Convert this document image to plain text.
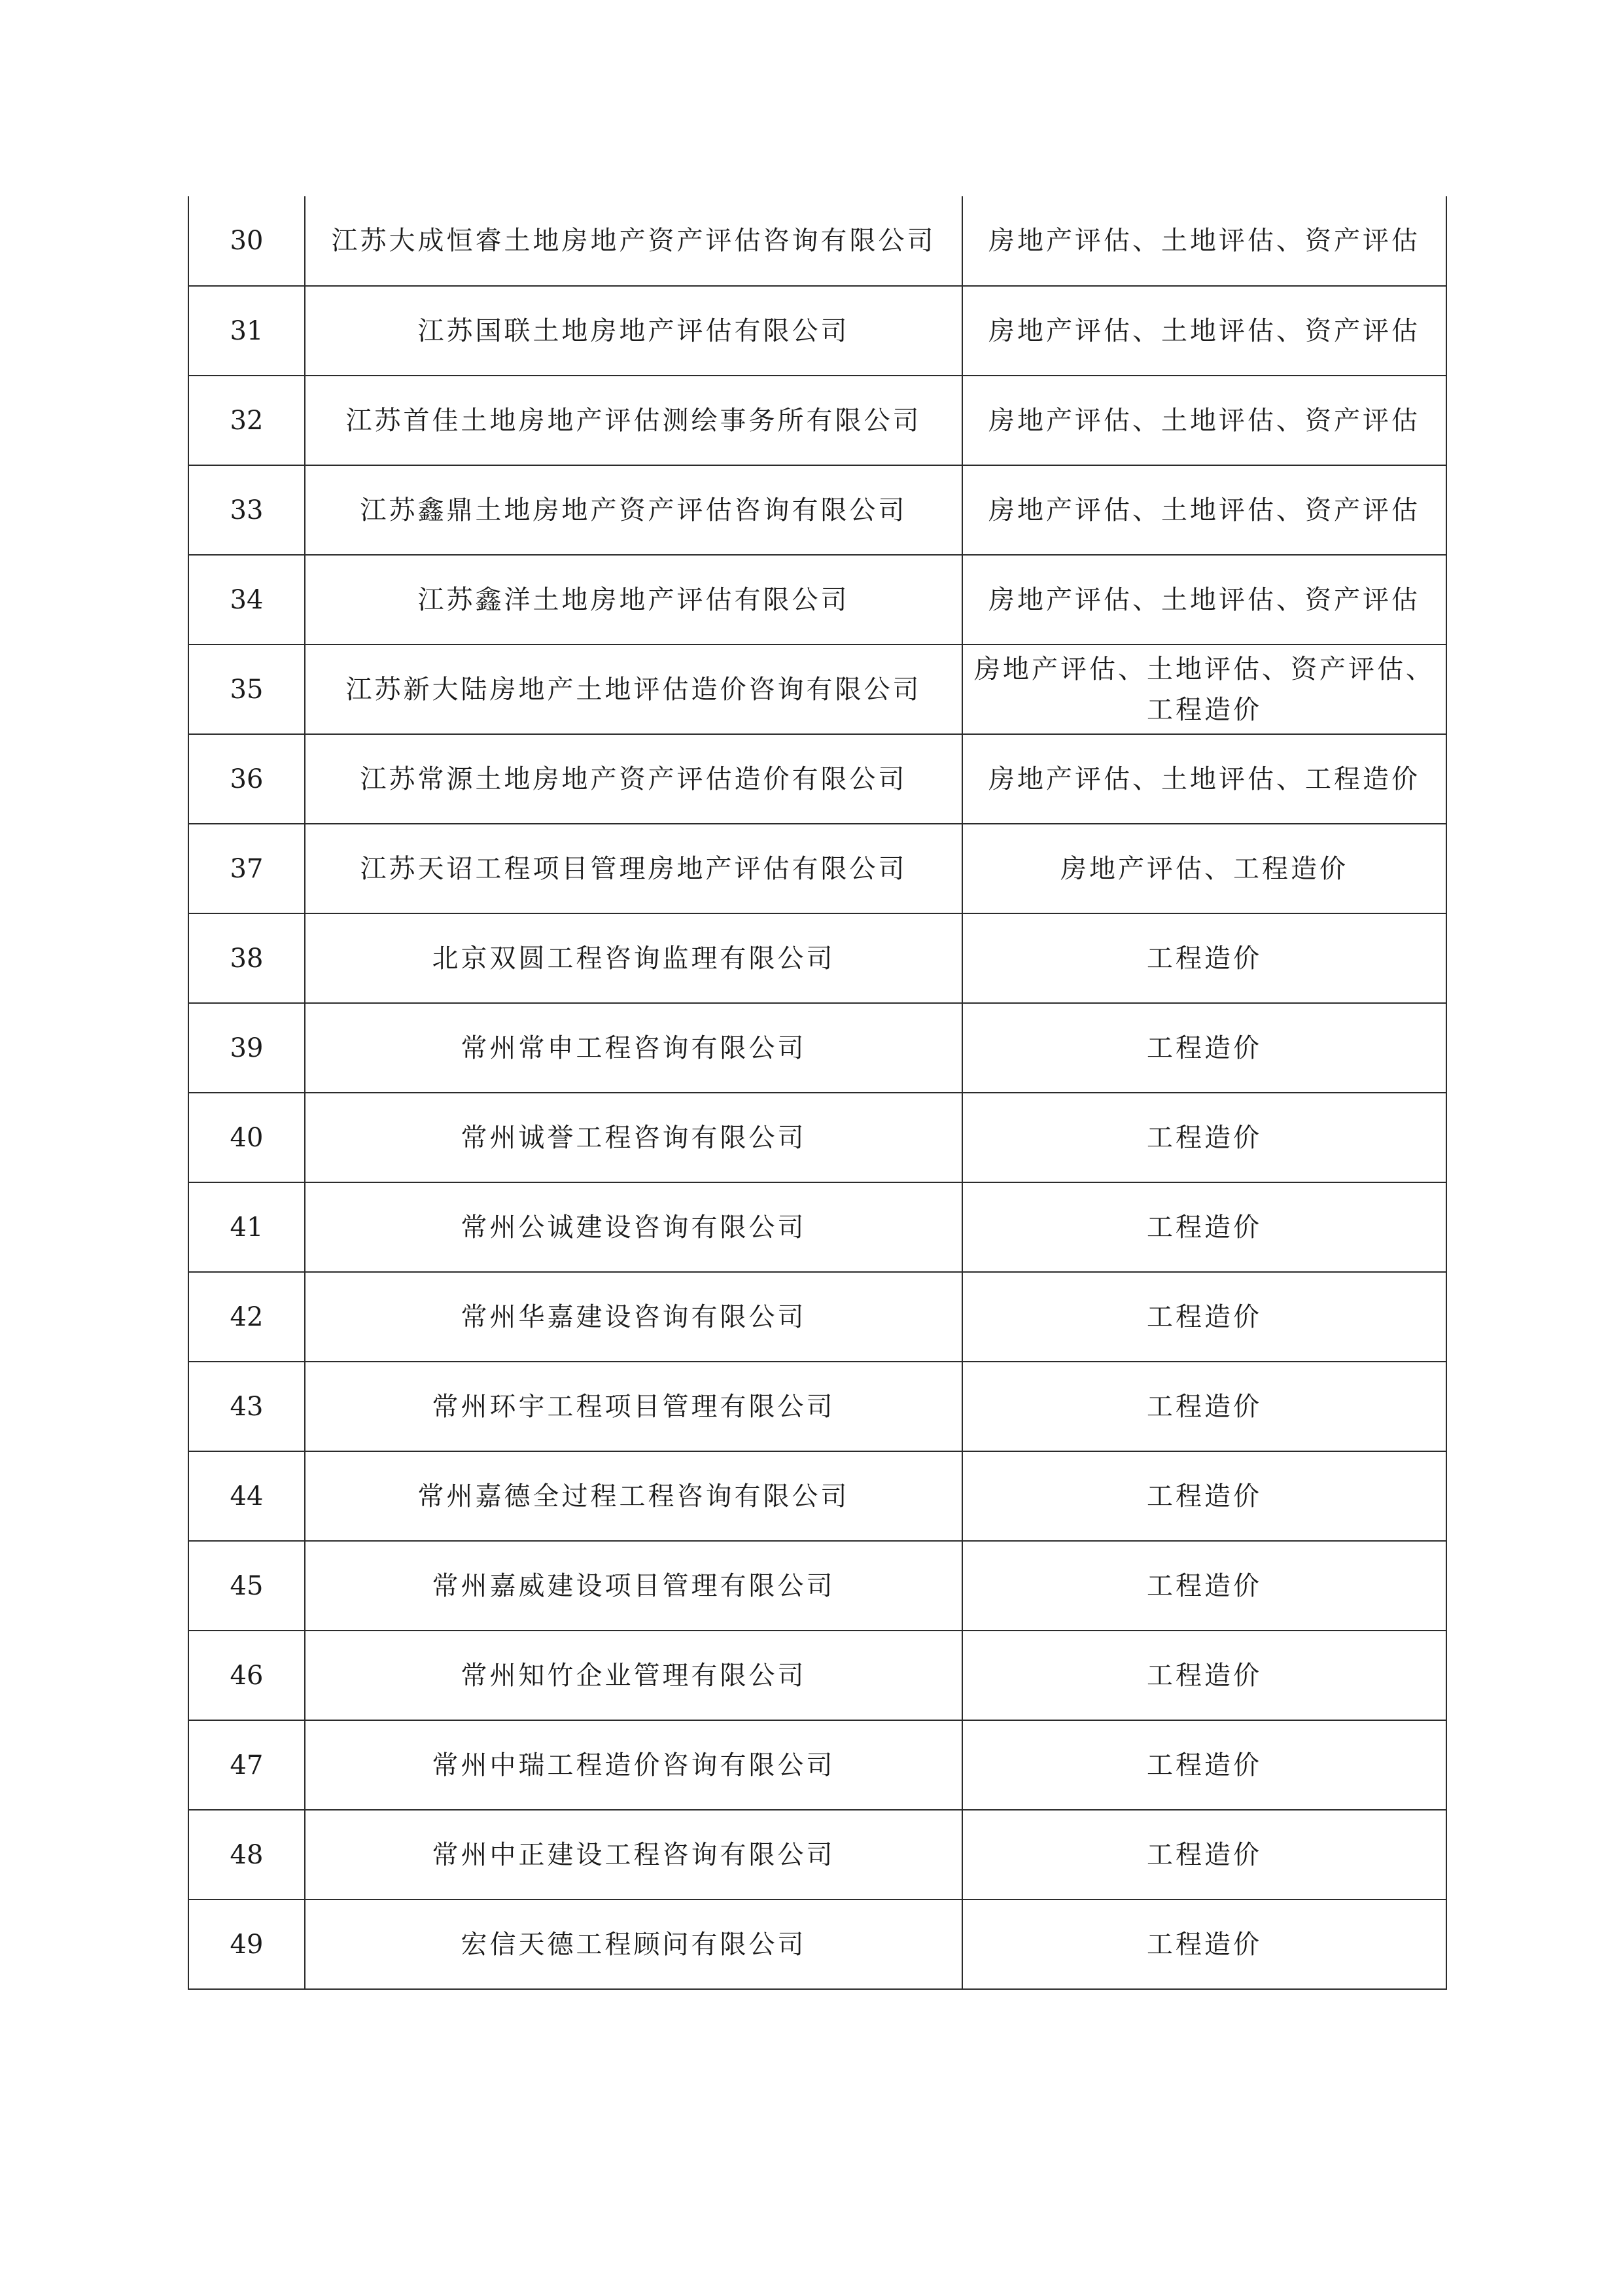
30	江苏大成恒睿土地房地产资产评估咨询有限公司	房地产评估、土地评估、资产评估
31	江苏国联土地房地产评估有限公司	房地产评估、土地评估、资产评估
32	江苏首佳土地房地产评估测绘事务所有限公司	房地产评估、土地评估、资产评估
33	江苏鑫鼎土地房地产资产评估咨询有限公司	房地产评估、土地评估、资产评估
34	江苏鑫洋土地房地产评估有限公司	房地产评估、土地评估、资产评估
35	江苏新大陆房地产土地评估造价咨询有限公司	房地产评估、土地评估、资产评估、工程造价
36	江苏常源土地房地产资产评估造价有限公司	房地产评估、土地评估、工程造价
37	江苏天诏工程项目管理房地产评估有限公司	房地产评估、工程造价
38	北京双圆工程咨询监理有限公司	工程造价
39	常州常申工程咨询有限公司	工程造价
40	常州诚誉工程咨询有限公司	工程造价
41	常州公诚建设咨询有限公司	工程造价
42	常州华嘉建设咨询有限公司	工程造价
43	常州环宇工程项目管理有限公司	工程造价
44	常州嘉德全过程工程咨询有限公司	工程造价
45	常州嘉威建设项目管理有限公司	工程造价
46	常州知竹企业管理有限公司	工程造价
47	常州中瑞工程造价咨询有限公司	工程造价
48	常州中正建设工程咨询有限公司	工程造价
49	宏信天德工程顾问有限公司	工程造价
